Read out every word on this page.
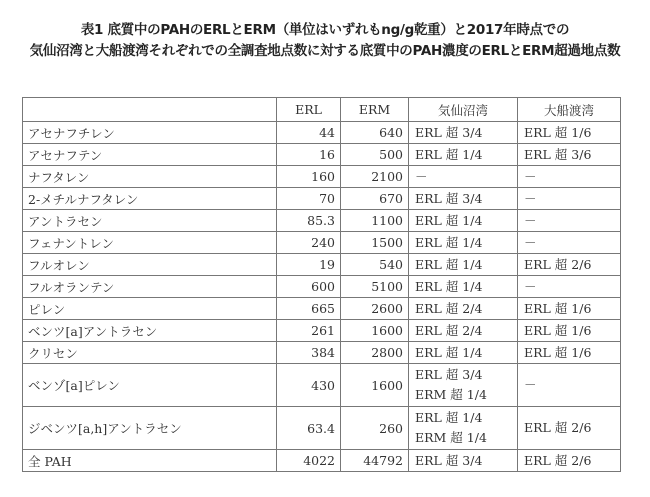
表1 底質中のPAHのERLとERM（単位はいずれもng/g乾重）と2017年時点での
気仙沼湾と大船渡湾それぞれでの全調査地点数に対する底質中のPAH濃度のERLとERM超過地点数
	ERL	ERM	気仙沼湾	大船渡湾
アセナフチレン	44	640	ERL 超 3/4	ERL 超 1/6

アセナフテン	16	500	ERL 超 1/4	ERL 超 3/6

ナフタレン	160	2100	－	－

2-メチルナフタレン	70	670	ERL 超 3/4	－

アントラセン	85.3	1100	ERL 超 1/4	－

フェナントレン	240	1500	ERL 超 1/4	－

フルオレン	19	540	ERL 超 1/4	ERL 超 2/6

フルオランテン	600	5100	ERL 超 1/4	－

ピレン	665	2600	ERL 超 2/4	ERL 超 1/6

ベンツ[a]アントラセン	261	1600	ERL 超 2/4	ERL 超 1/6

クリセン	384	2800	ERL 超 1/4	ERL 超 1/6

ベンゾ[a]ピレン	430	1600	ERL 超 3/4
ERM 超 1/4	－

ジベンツ[a,h]アントラセン	63.4	260	ERL 超 1/4
ERM 超 1/4	ERL 超 2/6

全 PAH	4022	44792	ERL 超 3/4	ERL 超 2/6
